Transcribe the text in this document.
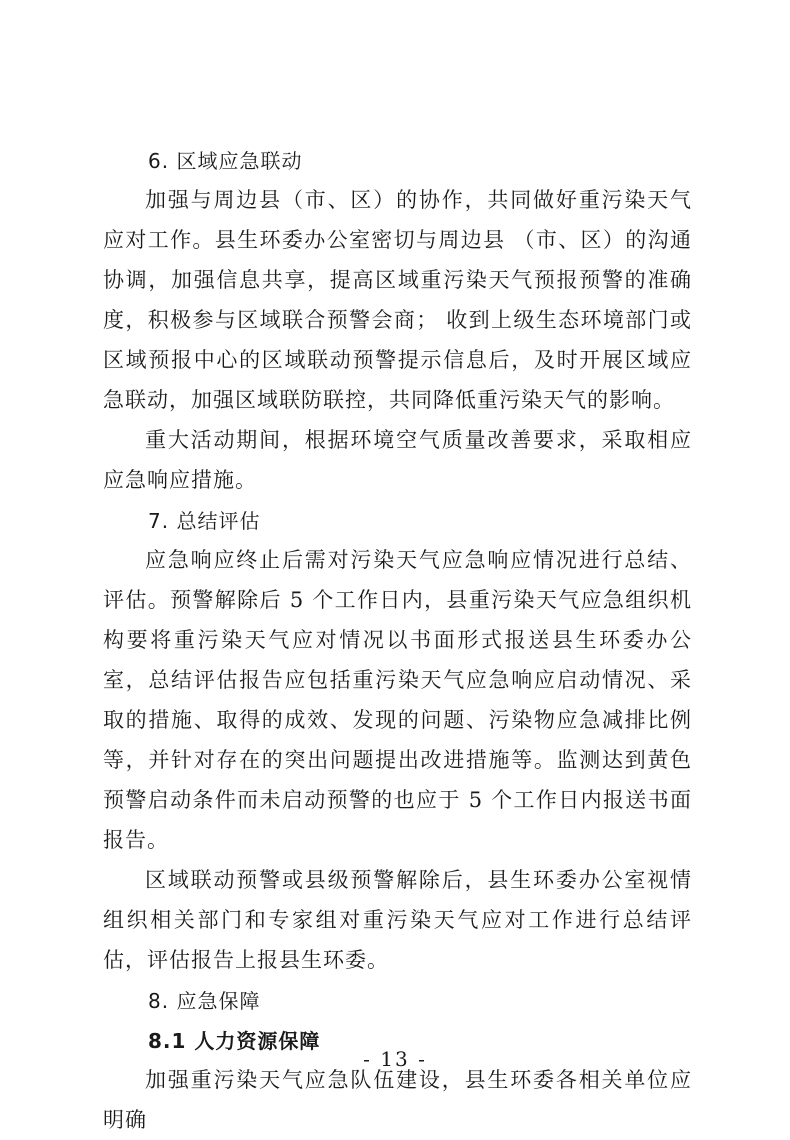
6. 区域应急联动

加强与周边县（市、区）的协作，共同做好重污染天气应对工作。县生环委办公室密切与周边县 （市、区）的沟通协调，加强信息共享，提高区域重污染天气预报预警的准确度，积极参与区域联合预警会商； 收到上级生态环境部门或区域预报中心的区域联动预警提示信息后，及时开展区域应急联动，加强区域联防联控，共同降低重污染天气的影响。

重大活动期间，根据环境空气质量改善要求，采取相应应急响应措施。

7. 总结评估

应急响应终止后需对污染天气应急响应情况进行总结、评估。预警解除后 5 个工作日内，县重污染天气应急组织机构要将重污染天气应对情况以书面形式报送县生环委办公室，总结评估报告应包括重污染天气应急响应启动情况、采取的措施、取得的成效、发现的问题、污染物应急减排比例等，并针对存在的突出问题提出改进措施等。监测达到黄色预警启动条件而未启动预警的也应于 5 个工作日内报送书面报告。

区域联动预警或县级预警解除后，县生环委办公室视情组织相关部门和专家组对重污染天气应对工作进行总结评估，评估报告上报县生环委。

8. 应急保障
8.1 人力资源保障

加强重污染天气应急队伍建设，县生环委各相关单位应明确

- 13 -
